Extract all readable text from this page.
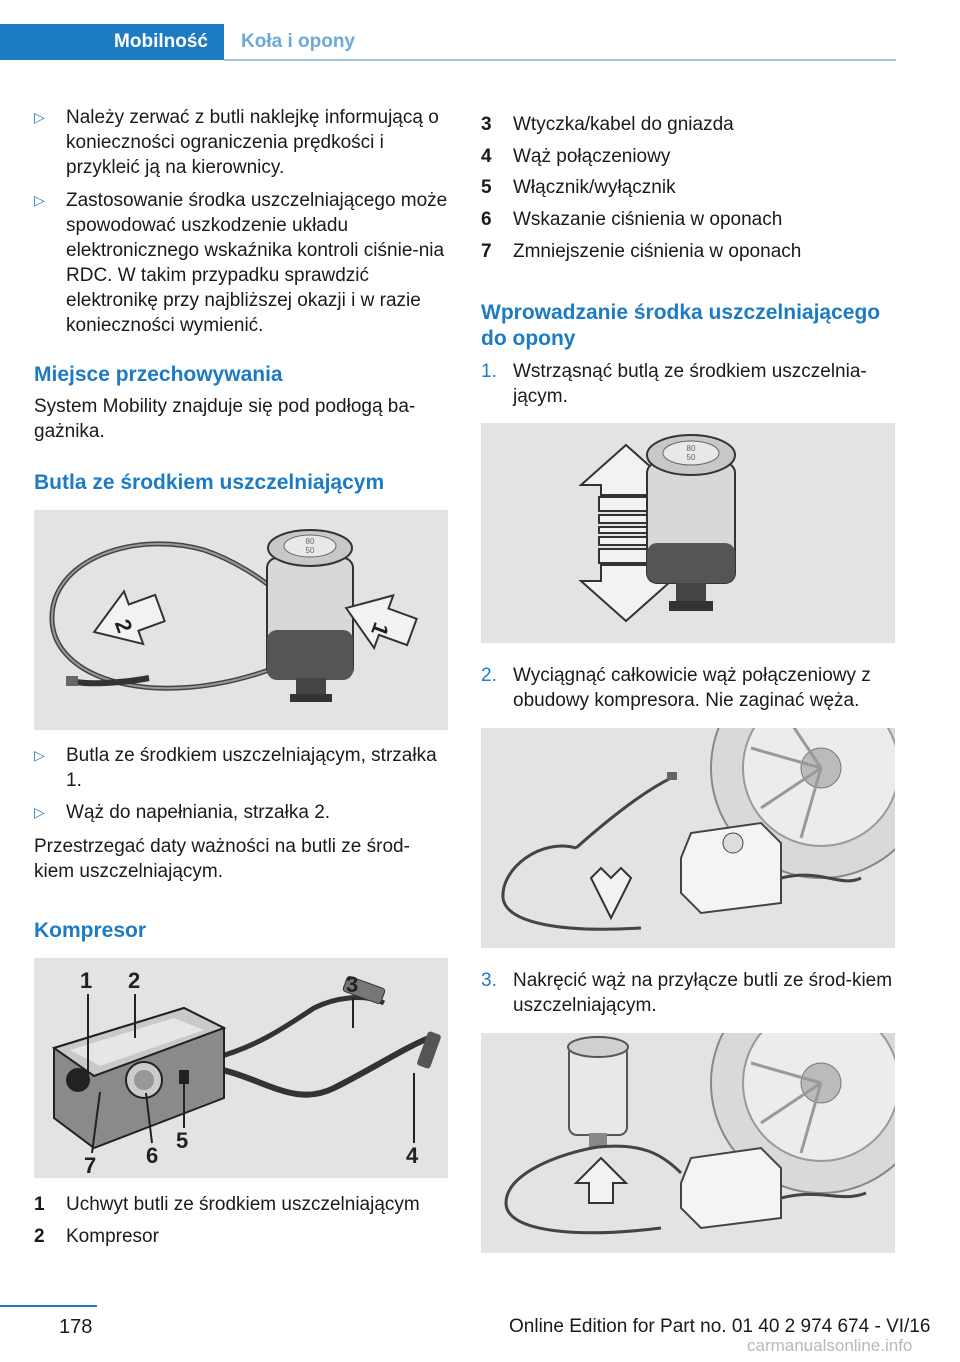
Mobilność	Koła i opony
▷ Należy zerwać z butli naklejkę informującą o konieczności ograniczenia prędkości i przykleić ją na kierownicy.
▷ Zastosowanie środka uszczelniającego może spowodować uszkodzenie układu elektronicznego wskaźnika kontroli ciśnie‐nia RDC. W takim przypadku sprawdzić elektronikę przy najbliższej okazji i w razie konieczności wymienić.
Miejsce przechowywania
System Mobility znajduje się pod podłogą ba‐gażnika.
Butla ze środkiem uszczelniającym
80
50
2	1
▷ Butla ze środkiem uszczelniającym, strzałka 1.
▷ Wąż do napełniania, strzałka 2.
Przestrzegać daty ważności na butli ze środ‐kiem uszczelniającym.
Kompresor
1 2	3
4
5
6
7
1 Uchwyt butli ze środkiem uszczelniającym
2 Kompresor
3 Wtyczka/kabel do gniazda
4 Wąż połączeniowy
5 Włącznik/wyłącznik
6 Wskazanie ciśnienia w oponach
7 Zmniejszenie ciśnienia w oponach
Wprowadzanie środka uszczelniającego do opony
1. Wstrząsnąć butlą ze środkiem uszczelnia‐jącym.
80
50
2. Wyciągnąć całkowicie wąż połączeniowy z obudowy kompresora. Nie zaginać węża.
3. Nakręcić wąż na przyłącze butli ze środ‐kiem uszczelniającym.
178	Online Edition for Part no. 01 40 2 974 674 - VI/16
carmanualsonline.info
